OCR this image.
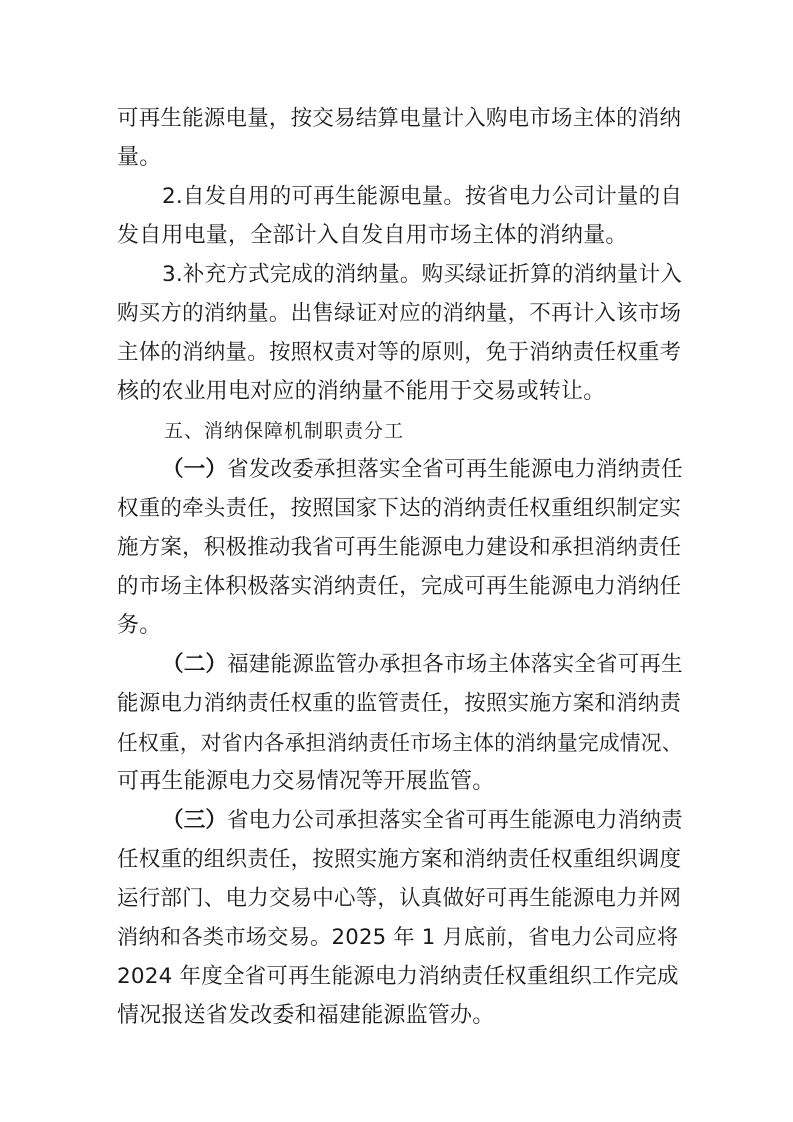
可再生能源电量，按交易结算电量计入购电市场主体的消纳
量。
2.自发自用的可再生能源电量。按省电力公司计量的自
发自用电量，全部计入自发自用市场主体的消纳量。
3.补充方式完成的消纳量。购买绿证折算的消纳量计入
购买方的消纳量。出售绿证对应的消纳量，不再计入该市场
主体的消纳量。按照权责对等的原则，免于消纳责任权重考
核的农业用电对应的消纳量不能用于交易或转让。
五、消纳保障机制职责分工
（一）省发改委承担落实全省可再生能源电力消纳责任
权重的牵头责任，按照国家下达的消纳责任权重组织制定实
施方案，积极推动我省可再生能源电力建设和承担消纳责任
的市场主体积极落实消纳责任，完成可再生能源电力消纳任
务。
（二）福建能源监管办承担各市场主体落实全省可再生
能源电力消纳责任权重的监管责任，按照实施方案和消纳责
任权重，对省内各承担消纳责任市场主体的消纳量完成情况、
可再生能源电力交易情况等开展监管。
（三）省电力公司承担落实全省可再生能源电力消纳责
任权重的组织责任，按照实施方案和消纳责任权重组织调度
运行部门、电力交易中心等，认真做好可再生能源电力并网
消纳和各类市场交易。2025 年 1 月底前，省电力公司应将
2024 年度全省可再生能源电力消纳责任权重组织工作完成
情况报送省发改委和福建能源监管办。
